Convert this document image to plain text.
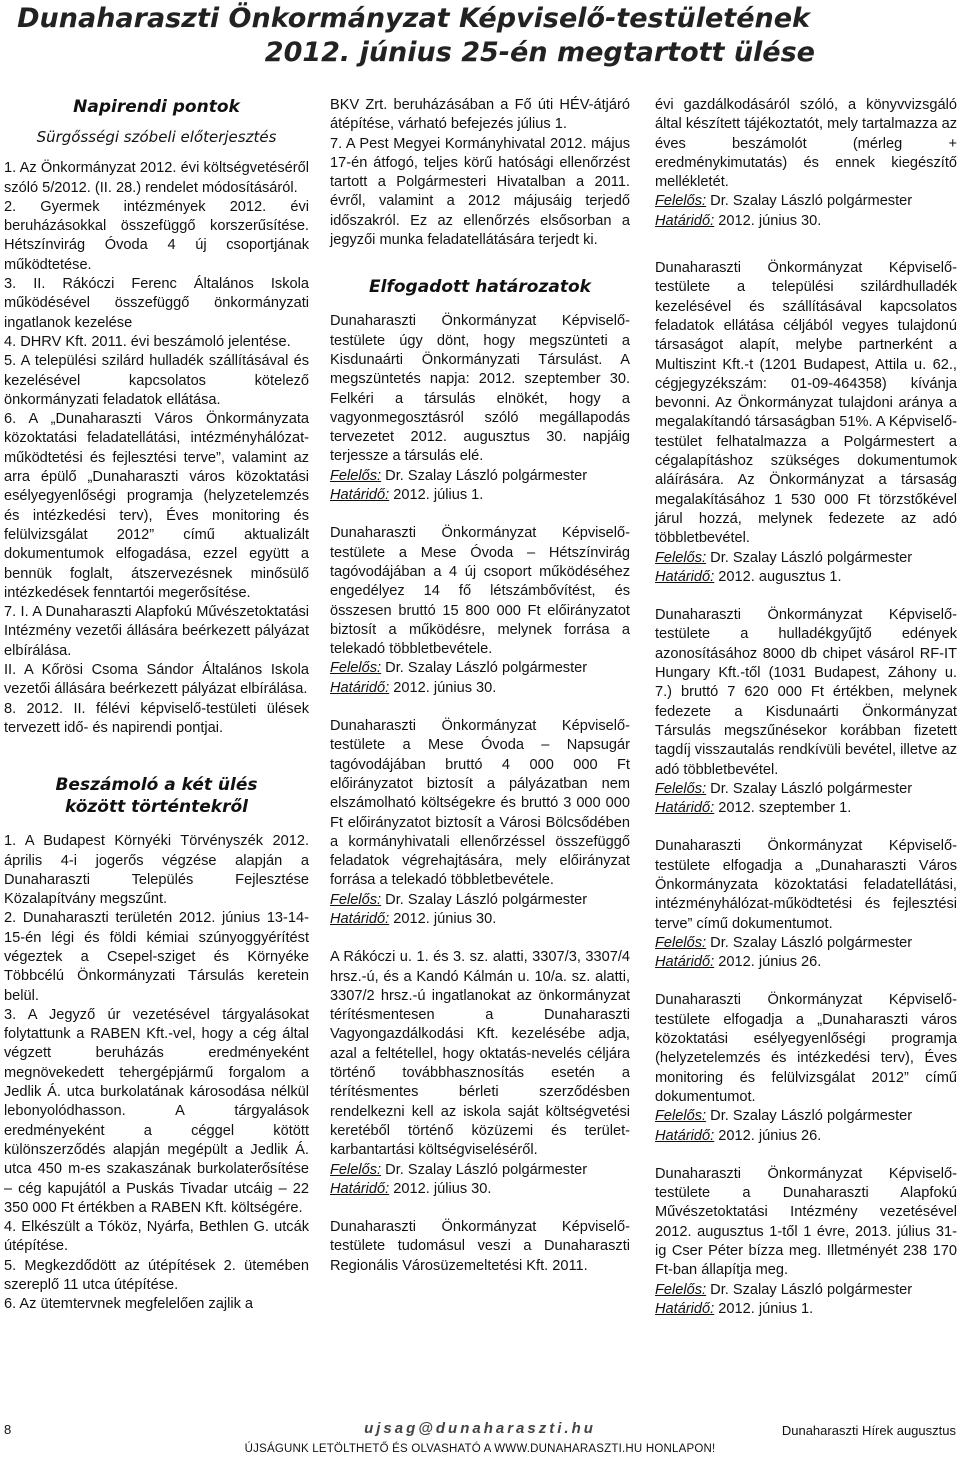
Dunaharaszti Önkormányzat Képviselő-testületének
2012. június 25-én megtartott ülése

Napirendi pontok

Sürgősségi szóbeli előterjesztés

1. Az Önkormányzat 2012. évi költségvetéséről szóló 5/2012. (II. 28.) rendelet módosításáról.

2. Gyermek intézmények 2012. évi beruházásokkal összefüggő korszerűsítése. Hétszínvirág Óvoda 4 új csoportjának működtetése.

3. II. Rákóczi Ferenc Általános Iskola működésével összefüggő önkormányzati ingatlanok kezelése

4. DHRV Kft. 2011. évi beszámoló jelentése.

5. A települési szilárd hulladék szállításával és kezelésével kapcsolatos kötelező önkormányzati feladatok ellátása.

6. A „Dunaharaszti Város Önkormányzata közoktatási feladatellátási, intézményhálózat-működtetési és fejlesztési terve”, valamint az arra épülő „Dunaharaszti város közoktatási esélyegyenlőségi programja (helyzetelemzés és intézkedési terv), Éves monitoring és felülvizsgálat 2012” című aktualizált dokumentumok elfogadása, ezzel együtt a bennük foglalt, átszervezésnek minősülő intézkedések fenntartói megerősítése.

7. I. A Dunaharaszti Alapfokú Művészetoktatási Intézmény vezetői állására beérkezett pályázat elbírálása.

II. A Kőrösi Csoma Sándor Általános Iskola vezetői állására beérkezett pályázat elbírálása.

8. 2012. II. félévi képviselő-testületi ülések tervezett idő- és napirendi pontjai.

Beszámoló a két ülés között történtekről

1. A Budapest Környéki Törvényszék 2012. április 4-i jogerős végzése alapján a Dunaharaszti Település Fejlesztése Közalapítvány megszűnt.

2. Dunaharaszti területén 2012. június 13-14-15-én légi és földi kémiai szúnyoggyérítést végeztek a Csepel-sziget és Környéke Többcélú Önkormányzati Társulás keretein belül.

3. A Jegyző úr vezetésével tárgyalásokat folytattunk a RABEN Kft.-vel, hogy a cég által végzett beruházás eredményeként megnövekedett tehergépjármű forgalom a Jedlik Á. utca burkolatának károsodása nélkül lebonyolódhasson. A tárgyalások eredményeként a céggel kötött különszerződés alapján megépült a Jedlik Á. utca 450 m-es szakaszának burkolaterősítése – cég kapujától a Puskás Tivadar utcáig – 22 350 000 Ft értékben a RABEN Kft. költségére.

4. Elkészült a Tóköz, Nyárfa, Bethlen G. utcák útépítése.

5. Megkezdődött az útépítések 2. ütemében szereplő 11 utca útépítése.

6. Az ütemtervnek megfelelően zajlik a

BKV Zrt. beruházásában a Fő úti HÉV-átjáró átépítése, várható befejezés július 1.

7. A Pest Megyei Kormányhivatal 2012. május 17-én átfogó, teljes körű hatósági ellenőrzést tartott a Polgármesteri Hivatalban a 2011. évről, valamint a 2012 májusáig terjedő időszakról. Ez az ellenőrzés elsősorban a jegyzői munka feladatellátására terjedt ki.

Elfogadott határozatok

Dunaharaszti Önkormányzat Képviselő-testülete úgy dönt, hogy megszünteti a Kisdunaárti Önkormányzati Társulást. A megszüntetés napja: 2012. szeptember 30. Felkéri a társulás elnökét, hogy a vagyonmegosztásról szóló megállapodás tervezetet 2012. augusztus 30. napjáig terjessze a társulás elé.

Felelős: Dr. Szalay László polgármester

Határidő: 2012. július 1.

Dunaharaszti Önkormányzat Képviselő-testülete a Mese Óvoda – Hétszínvirág tagóvodájában a 4 új csoport működéséhez engedélyez 14 fő létszámbővítést, és összesen bruttó 15 800 000 Ft előirányzatot biztosít a működésre, melynek forrása a telekadó többletbevétele.

Felelős: Dr. Szalay László polgármester

Határidő: 2012. június 30.

Dunaharaszti Önkormányzat Képviselő-testülete a Mese Óvoda – Napsugár tagóvodájában bruttó 4 000 000 Ft előirányzatot biztosít a pályázatban nem elszámolható költségekre és bruttó 3 000 000 Ft előirányzatot biztosít a Városi Bölcsődében a kormányhivatali ellenőrzéssel összefüggő feladatok végrehajtására, mely előirányzat forrása a telekadó többletbevétele.

Felelős: Dr. Szalay László polgármester

Határidő: 2012. június 30.

A Rákóczi u. 1. és 3. sz. alatti, 3307/3, 3307/4 hrsz.-ú, és a Kandó Kálmán u. 10/a. sz. alatti, 3307/2 hrsz.-ú ingatlanokat az önkormányzat térítésmentesen a Dunaharaszti Vagyongazdálkodási Kft. kezelésébe adja, azal a feltétellel, hogy oktatás-nevelés céljára történő továbbhasznosítás esetén a térítésmentes bérleti szerződésben rendelkezni kell az iskola saját költségvetési keretéből történő közüzemi és terület-karbantartási költségviseléséről.

Felelős: Dr. Szalay László polgármester

Határidő: 2012. július 30.

Dunaharaszti Önkormányzat Képviselő-testülete tudomásul veszi a Dunaharaszti Regionális Városüzemeltetési Kft. 2011.

évi gazdálkodásáról szóló, a könyvvizsgáló által készített tájékoztatót, mely tartalmazza az éves beszámolót (mérleg + eredménykimutatás) és ennek kiegészítő mellékletét.

Felelős: Dr. Szalay László polgármester

Határidő: 2012. június 30.

Dunaharaszti Önkormányzat Képviselő-testülete a települési szilárdhulladék kezelésével és szállításával kapcsolatos feladatok ellátása céljából vegyes tulajdonú társaságot alapít, melybe partnerként a Multiszint Kft.-t (1201 Budapest, Attila u. 62., cégjegyzékszám: 01-09-464358) kívánja bevonni. Az Önkormányzat tulajdoni aránya a megalakítandó társaságban 51%. A Képviselő-testület felhatalmazza a Polgármestert a cégalapításhoz szükséges dokumentumok aláírására. Az Önkormányzat a társaság megalakításához 1 530 000 Ft törzstőkével járul hozzá, melynek fedezete az adó többletbevétel.

Felelős: Dr. Szalay László polgármester

Határidő: 2012. augusztus 1.

Dunaharaszti Önkormányzat Képviselő-testülete a hulladékgyűjtő edények azonosításához 8000 db chipet vásárol RF-IT Hungary Kft.-től (1031 Budapest, Záhony u. 7.) bruttó 7 620 000 Ft értékben, melynek fedezete a Kisdunaárti Önkormányzat Társulás megszűnésekor korábban fizetett tagdíj visszautalás rendkívüli bevétel, illetve az adó többletbevétel.

Felelős: Dr. Szalay László polgármester

Határidő: 2012. szeptember 1.

Dunaharaszti Önkormányzat Képviselő-testülete elfogadja a „Dunaharaszti Város Önkormányzata közoktatási feladatellátási, intézményhálózat-működtetési és fejlesztési terve” című dokumentumot.

Felelős: Dr. Szalay László polgármester

Határidő: 2012. június 26.

Dunaharaszti Önkormányzat Képviselő-testülete elfogadja a „Dunaharaszti város közoktatási esélyegyenlőségi programja (helyzetelemzés és intézkedési terv), Éves monitoring és felülvizsgálat 2012” című dokumentumot.

Felelős: Dr. Szalay László polgármester

Határidő: 2012. június 26.

Dunaharaszti Önkormányzat Képviselő-testülete a Dunaharaszti Alapfokú Művészetoktatási Intézmény vezetésével 2012. augusztus 1-től 1 évre, 2013. július 31-ig Cser Péter bízza meg. Illetményét 238 170 Ft-ban állapítja meg.

Felelős: Dr. Szalay László polgármester

Határidő: 2012. június 1.

8	ujsag@dunaharaszti.hu	Dunaharaszti Hírek augusztus
ÚJSÁGUNK LETÖLTHETŐ ÉS OLVASHATÓ A WWW.DUNAHARASZTI.HU HONLAPON!
